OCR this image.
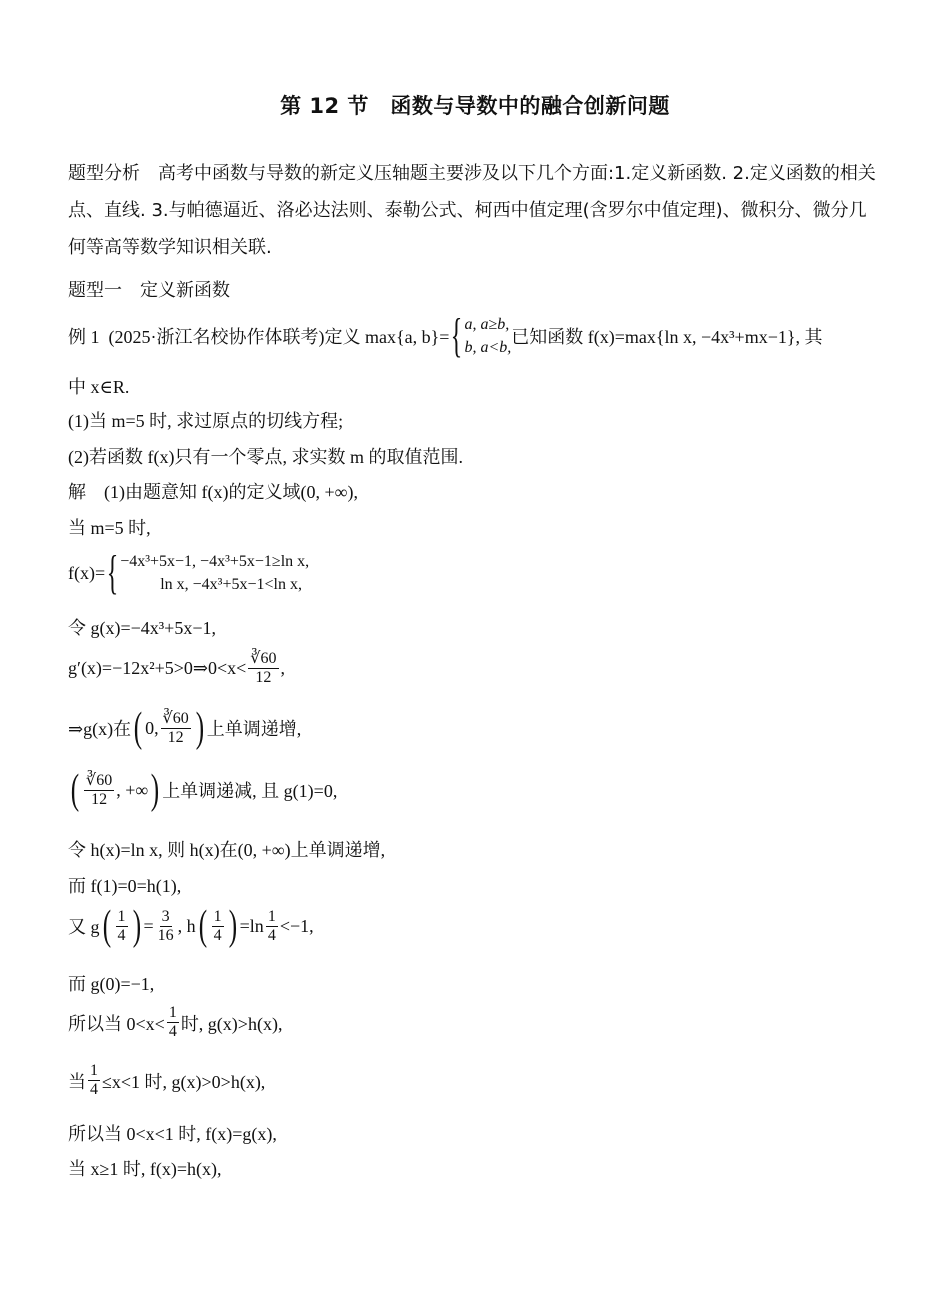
第 12 节　函数与导数中的融合创新问题
题型分析　高考中函数与导数的新定义压轴题主要涉及以下几个方面:1.定义新函数. 2.定义函数的相关点、直线. 3.与帕德逼近、洛必达法则、泰勒公式、柯西中值定理(含罗尔中值定理)、微积分、微分几何等高等数学知识相关联.
题型一　定义新函数
例 1
(2025·浙江名校协作体联考) 定义 max{a, b}= { a, a≥b,
b, a<b,
已知函数 f(x)=max{ln x, −4x³+mx−1}, 其
中 x∈R.
(1)当 m=5 时, 求过原点的切线方程;
(2)若函数 f(x)只有一个零点, 求实数 m 的取值范围.
解　(1)由题意知 f(x)的定义域(0, +∞),
当 m=5 时,
f(x)= { −4x³+5x−1, −4x³+5x−1≥ln x,
ln x, −4x³+5x−1<ln x,
令 g(x)=−4x³+5x−1,
g′(x)=−12x²+5>0⇒0<x< $\frac{∛60}{12}$ ,
⇒g(x)在 ( 0, $\frac{∛60}{12}$ ) 上单调递增,
( $\frac{∛60}{12}$ , +∞ ) 上单调递减, 且 g(1)=0,
令 h(x)=ln x, 则 h(x)在(0, +∞)上单调递增,
而 f(1)=0=h(1),
又 g ( $\frac{1}{4}$ ) = $\frac{3}{16}$ , h ( $\frac{1}{4}$ ) $=\ln \frac{1}{4} <-1$,
而 g(0)=−1,
所以当 $0<x< \frac{1}{4}$ 时, g(x)>h(x),
当 $\frac{1}{4} \le x<1$ 时, g(x)>0>h(x),
所以当 0<x<1 时, f(x)=g(x),
当 x≥1 时, f(x)=h(x),
